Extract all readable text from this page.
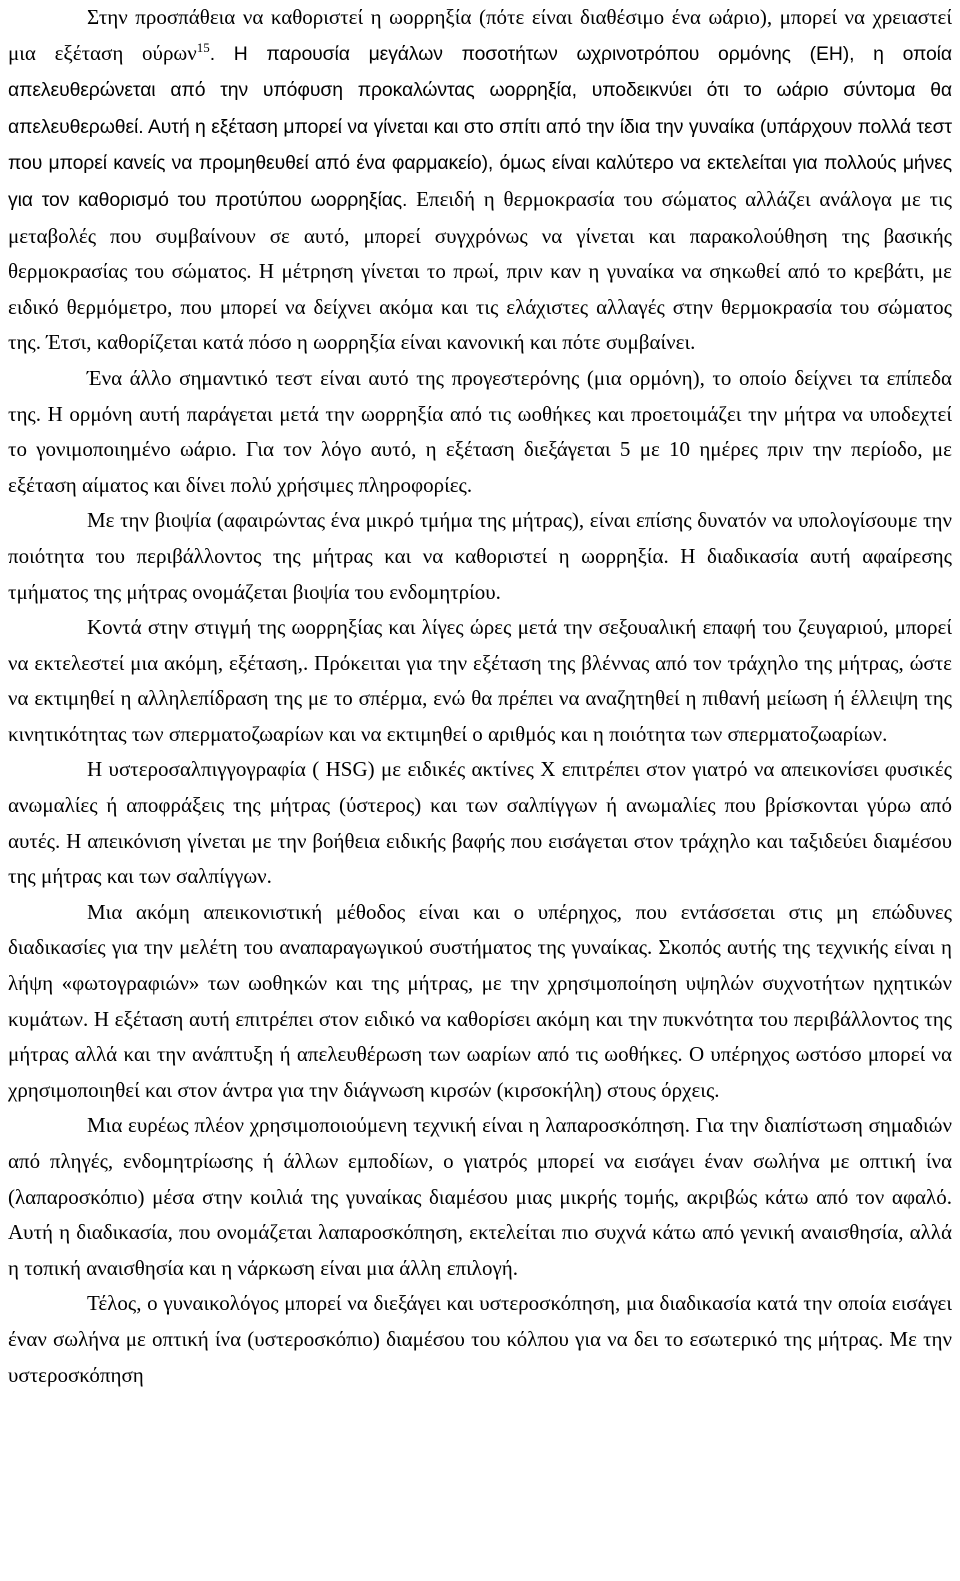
Στην προσπάθεια να καθοριστεί η ωορρηξία (πότε είναι διαθέσιμο ένα ωάριο), μπορεί να χρειαστεί μια εξέταση ούρων$^{15}$. Η παρουσία μεγάλων ποσοτήτων ωχρινοτρόπου ορμόνης (ΕΗ), η οποία απελευθερώνεται από την υπόφυση προκαλώντας ωορρηξία, υποδεικνύει ότι το ωάριο σύντομα θα απελευθερωθεί. Αυτή η εξέταση μπορεί να γίνεται και στο σπίτι από την ίδια την γυναίκα (υπάρχουν πολλά τεστ που μπορεί κανείς να προμηθευθεί από ένα φαρμακείο), όμως είναι καλύτερο να εκτελείται για πολλούς μήνες για τον καθορισμό του προτύπου ωορρηξίας. Επειδή η θερμοκρασία του σώματος αλλάζει ανάλογα με τις μεταβολές που συμβαίνουν σε αυτό, μπορεί συγχρόνως να γίνεται και παρακολούθηση της βασικής θερμοκρασίας του σώματος. Η μέτρηση γίνεται το πρωί, πριν καν η γυναίκα να σηκωθεί από το κρεβάτι, με ειδικό θερμόμετρο, που μπορεί να δείχνει ακόμα και τις ελάχιστες αλλαγές στην θερμοκρασία του σώματος της. Έτσι, καθορίζεται κατά πόσο η ωορρηξία είναι κανονική και πότε συμβαίνει.

Ένα άλλο σημαντικό τεστ είναι αυτό της προγεστερόνης (μια ορμόνη), το οποίο δείχνει τα επίπεδα της. Η ορμόνη αυτή παράγεται μετά την ωορρηξία από τις ωοθήκες και προετοιμάζει την μήτρα να υποδεχτεί το γονιμοποιημένο ωάριο. Για τον λόγο αυτό, η εξέταση διεξάγεται 5 με 10 ημέρες πριν την περίοδο, με εξέταση αίματος και δίνει πολύ χρήσιμες πληροφορίες.

Με την βιοψία (αφαιρώντας ένα μικρό τμήμα της μήτρας), είναι επίσης δυνατόν να υπολογίσουμε την ποιότητα του περιβάλλοντος της μήτρας και να καθοριστεί η ωορρηξία. Η διαδικασία αυτή αφαίρεσης τμήματος της μήτρας ονομάζεται βιοψία του ενδομητρίου.

Κοντά στην στιγμή της ωορρηξίας και λίγες ώρες μετά την σεξουαλική επαφή του ζευγαριού, μπορεί να εκτελεστεί μια ακόμη, εξέταση,. Πρόκειται για την εξέταση της βλέννας από τον τράχηλο της μήτρας, ώστε να εκτιμηθεί η αλληλεπίδραση της με το σπέρμα, ενώ θα πρέπει να αναζητηθεί η πιθανή μείωση ή έλλειψη της κινητικότητας των σπερματοζωαρίων και να εκτιμηθεί ο αριθμός και η ποιότητα των σπερματοζωαρίων.

Η υστεροσαλπιγγογραφία ( HSG) με ειδικές ακτίνες Χ επιτρέπει στον γιατρό να απεικονίσει φυσικές ανωμαλίες ή αποφράξεις της μήτρας (ύστερος) και των σαλπίγγων ή ανωμαλίες που βρίσκονται γύρω από αυτές. Η απεικόνιση γίνεται με την βοήθεια ειδικής βαφής που εισάγεται στον τράχηλο και ταξιδεύει διαμέσου της μήτρας και των σαλπίγγων.

Μια ακόμη απεικονιστική μέθοδος είναι και ο υπέρηχος, που εντάσσεται στις μη επώδυνες διαδικασίες για την μελέτη του αναπαραγωγικού συστήματος της γυναίκας. Σκοπός αυτής της τεχνικής είναι η λήψη «φωτογραφιών» των ωοθηκών και της μήτρας, με την χρησιμοποίηση υψηλών συχνοτήτων ηχητικών κυμάτων. Η εξέταση αυτή επιτρέπει στον ειδικό να καθορίσει ακόμη και την πυκνότητα του περιβάλλοντος της μήτρας αλλά και την ανάπτυξη ή απελευθέρωση των ωαρίων από τις ωοθήκες. Ο υπέρηχος ωστόσο μπορεί να χρησιμοποιηθεί και στον άντρα για την διάγνωση κιρσών (κιρσοκήλη) στους όρχεις.

Μια ευρέως πλέον χρησιμοποιούμενη τεχνική είναι η λαπαροσκόπηση. Για την διαπίστωση σημαδιών από πληγές, ενδομητρίωσης ή άλλων εμποδίων, ο γιατρός μπορεί να εισάγει έναν σωλήνα με οπτική ίνα (λαπαροσκόπιο) μέσα στην κοιλιά της γυναίκας διαμέσου μιας μικρής τομής, ακριβώς κάτω από τον αφαλό. Αυτή η διαδικασία, που ονομάζεται λαπαροσκόπηση, εκτελείται πιο συχνά κάτω από γενική αναισθησία, αλλά η τοπική αναισθησία και η νάρκωση είναι μια άλλη επιλογή.

Τέλος, ο γυναικολόγος μπορεί να διεξάγει και υστεροσκόπηση, μια διαδικασία κατά την οποία εισάγει έναν σωλήνα με οπτική ίνα (υστεροσκόπιο) διαμέσου του κόλπου για να δει το εσωτερικό της μήτρας. Με την υστεροσκόπηση
